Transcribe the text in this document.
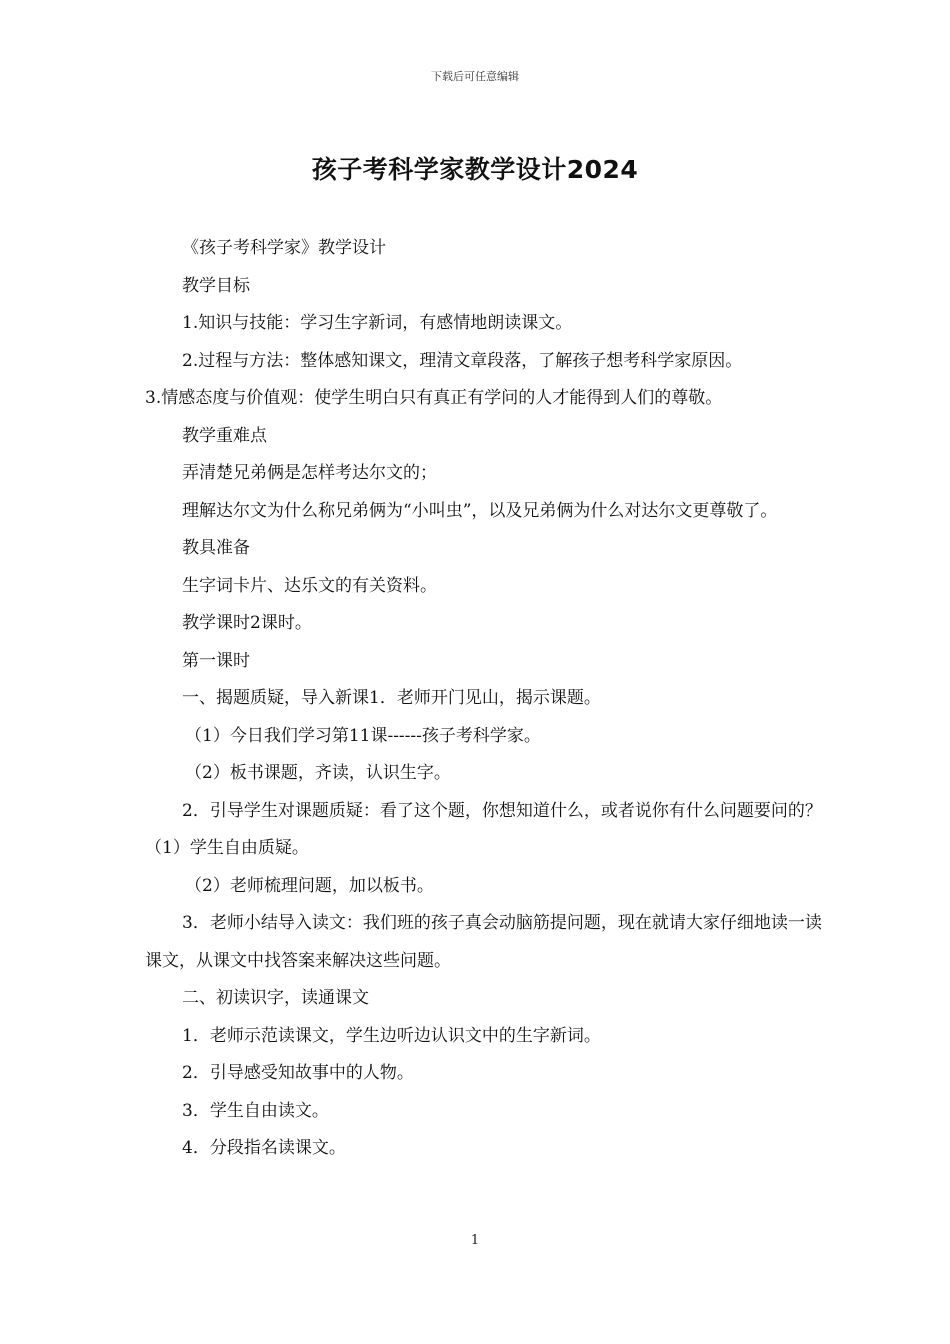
下载后可任意编辑
孩子考科学家教学设计2024

《孩子考科学家》教学设计

教学目标

1.知识与技能：学习生字新词，有感情地朗读课文。

2.过程与方法：整体感知课文，理清文章段落，了解孩子想考科学家原因。

3.情感态度与价值观：使学生明白只有真正有学问的人才能得到人们的尊敬。

教学重难点

弄清楚兄弟俩是怎样考达尔文的；

理解达尔文为什么称兄弟俩为“小叫虫”，以及兄弟俩为什么对达尔文更尊敬了。

教具准备

生字词卡片、达乐文的有关资料。

教学课时2课时。

第一课时

一、揭题质疑，导入新课1．老师开门见山，揭示课题。

（1）今日我们学习第11课------孩子考科学家。

（2）板书课题，齐读，认识生字。

2．引导学生对课题质疑：看了这个题，你想知道什么，或者说你有什么问题要问的？（1）学生自由质疑。

（2）老师梳理问题，加以板书。

3．老师小结导入读文：我们班的孩子真会动脑筋提问题，现在就请大家仔细地读一读课文，从课文中找答案来解决这些问题。

二、初读识字，读通课文

1．老师示范读课文，学生边听边认识文中的生字新词。

2．引导感受知故事中的人物。

3．学生自由读文。

4．分段指名读课文。

1
